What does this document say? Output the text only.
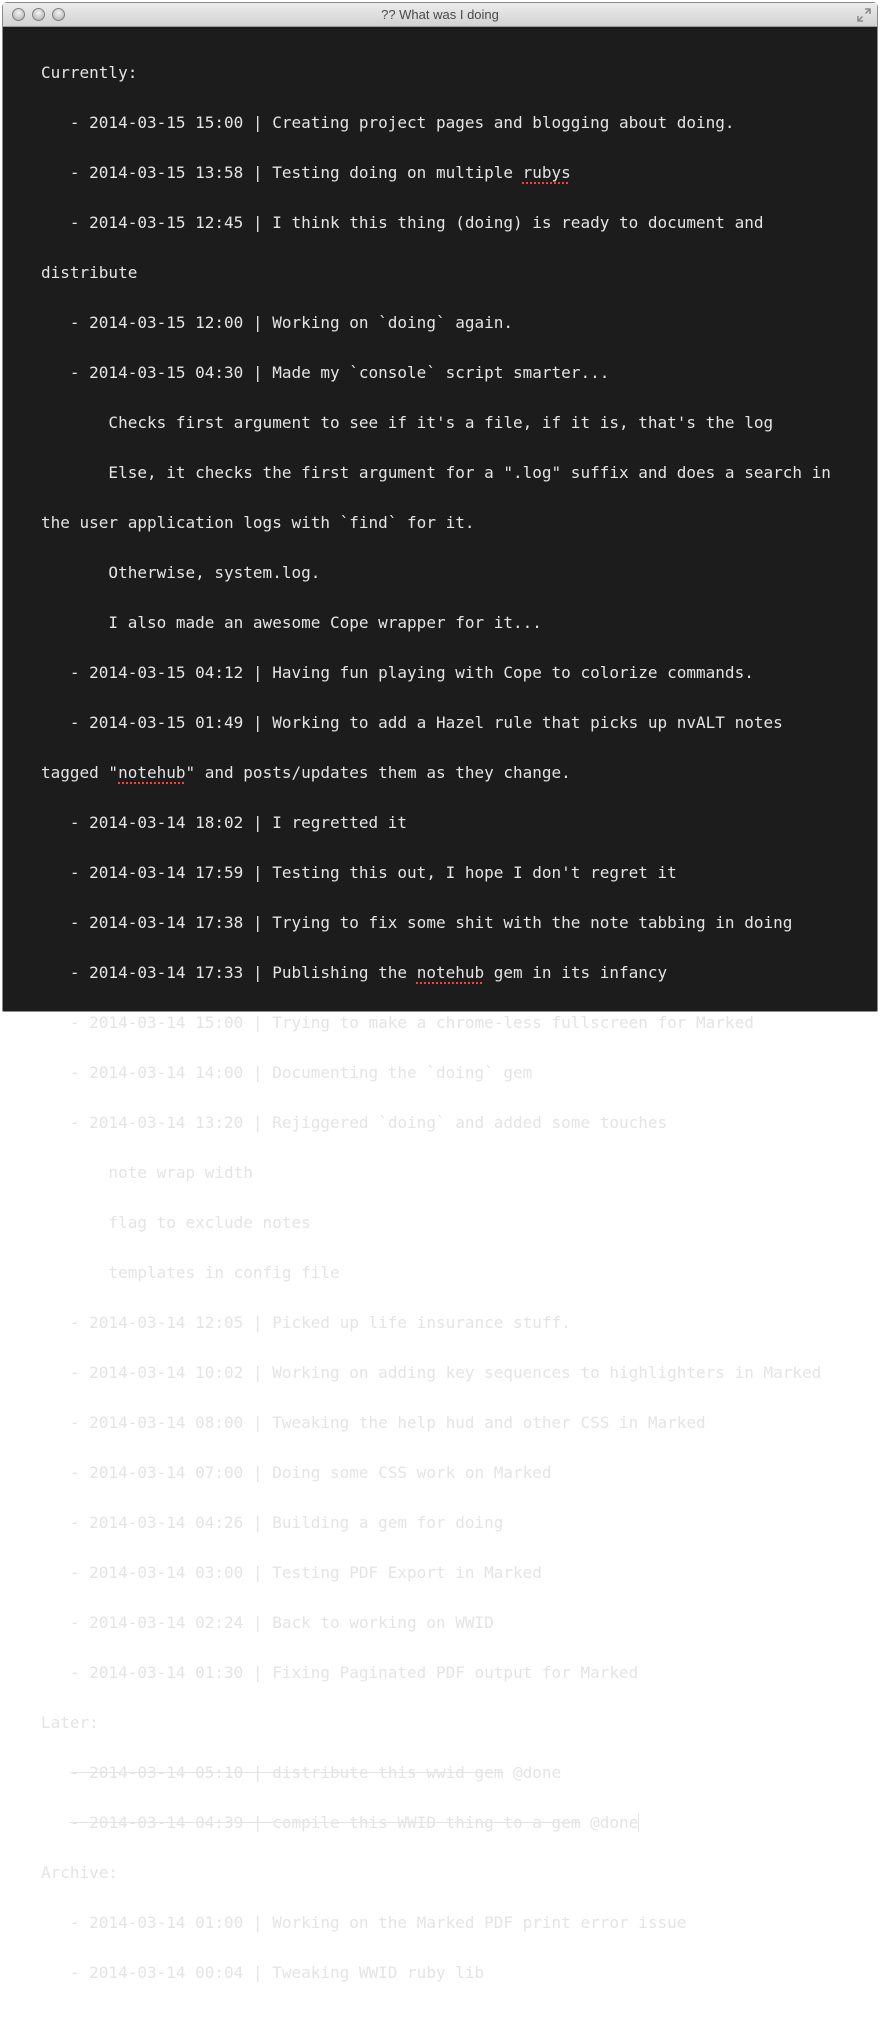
?? What was I doing

Currently:

- 2014-03-15 15:00 | Creating project pages and blogging about doing.

- 2014-03-15 13:58 | Testing doing on multiple rubys

- 2014-03-15 12:45 | I think this thing (doing) is ready to document and

distribute

- 2014-03-15 12:00 | Working on `doing` again.

- 2014-03-15 04:30 | Made my `console` script smarter...

Checks first argument to see if it's a file, if it is, that's the log

Else, it checks the first argument for a ".log" suffix and does a search in

the user application logs with `find` for it.

Otherwise, system.log.

I also made an awesome Cope wrapper for it...

- 2014-03-15 04:12 | Having fun playing with Cope to colorize commands.

- 2014-03-15 01:49 | Working to add a Hazel rule that picks up nvALT notes

tagged "notehub" and posts/updates them as they change.

- 2014-03-14 18:02 | I regretted it

- 2014-03-14 17:59 | Testing this out, I hope I don't regret it

- 2014-03-14 17:38 | Trying to fix some shit with the note tabbing in doing

- 2014-03-14 17:33 | Publishing the notehub gem in its infancy

- 2014-03-14 15:00 | Trying to make a chrome-less fullscreen for Marked

- 2014-03-14 14:00 | Documenting the `doing` gem

- 2014-03-14 13:20 | Rejiggered `doing` and added some touches

note wrap width

flag to exclude notes

templates in config file

- 2014-03-14 12:05 | Picked up life insurance stuff.

- 2014-03-14 10:02 | Working on adding key sequences to highlighters in Marked

- 2014-03-14 08:00 | Tweaking the help hud and other CSS in Marked

- 2014-03-14 07:00 | Doing some CSS work on Marked

- 2014-03-14 04:26 | Building a gem for doing

- 2014-03-14 03:00 | Testing PDF Export in Marked

- 2014-03-14 02:24 | Back to working on WWID

- 2014-03-14 01:30 | Fixing Paginated PDF output for Marked

Later:

- 2014-03-14 05:10 | distribute this wwid gem @done

- 2014-03-14 04:39 | compile this WWID thing to a gem @done

Archive:

- 2014-03-14 01:00 | Working on the Marked PDF print error issue

- 2014-03-14 00:04 | Tweaking WWID ruby lib
